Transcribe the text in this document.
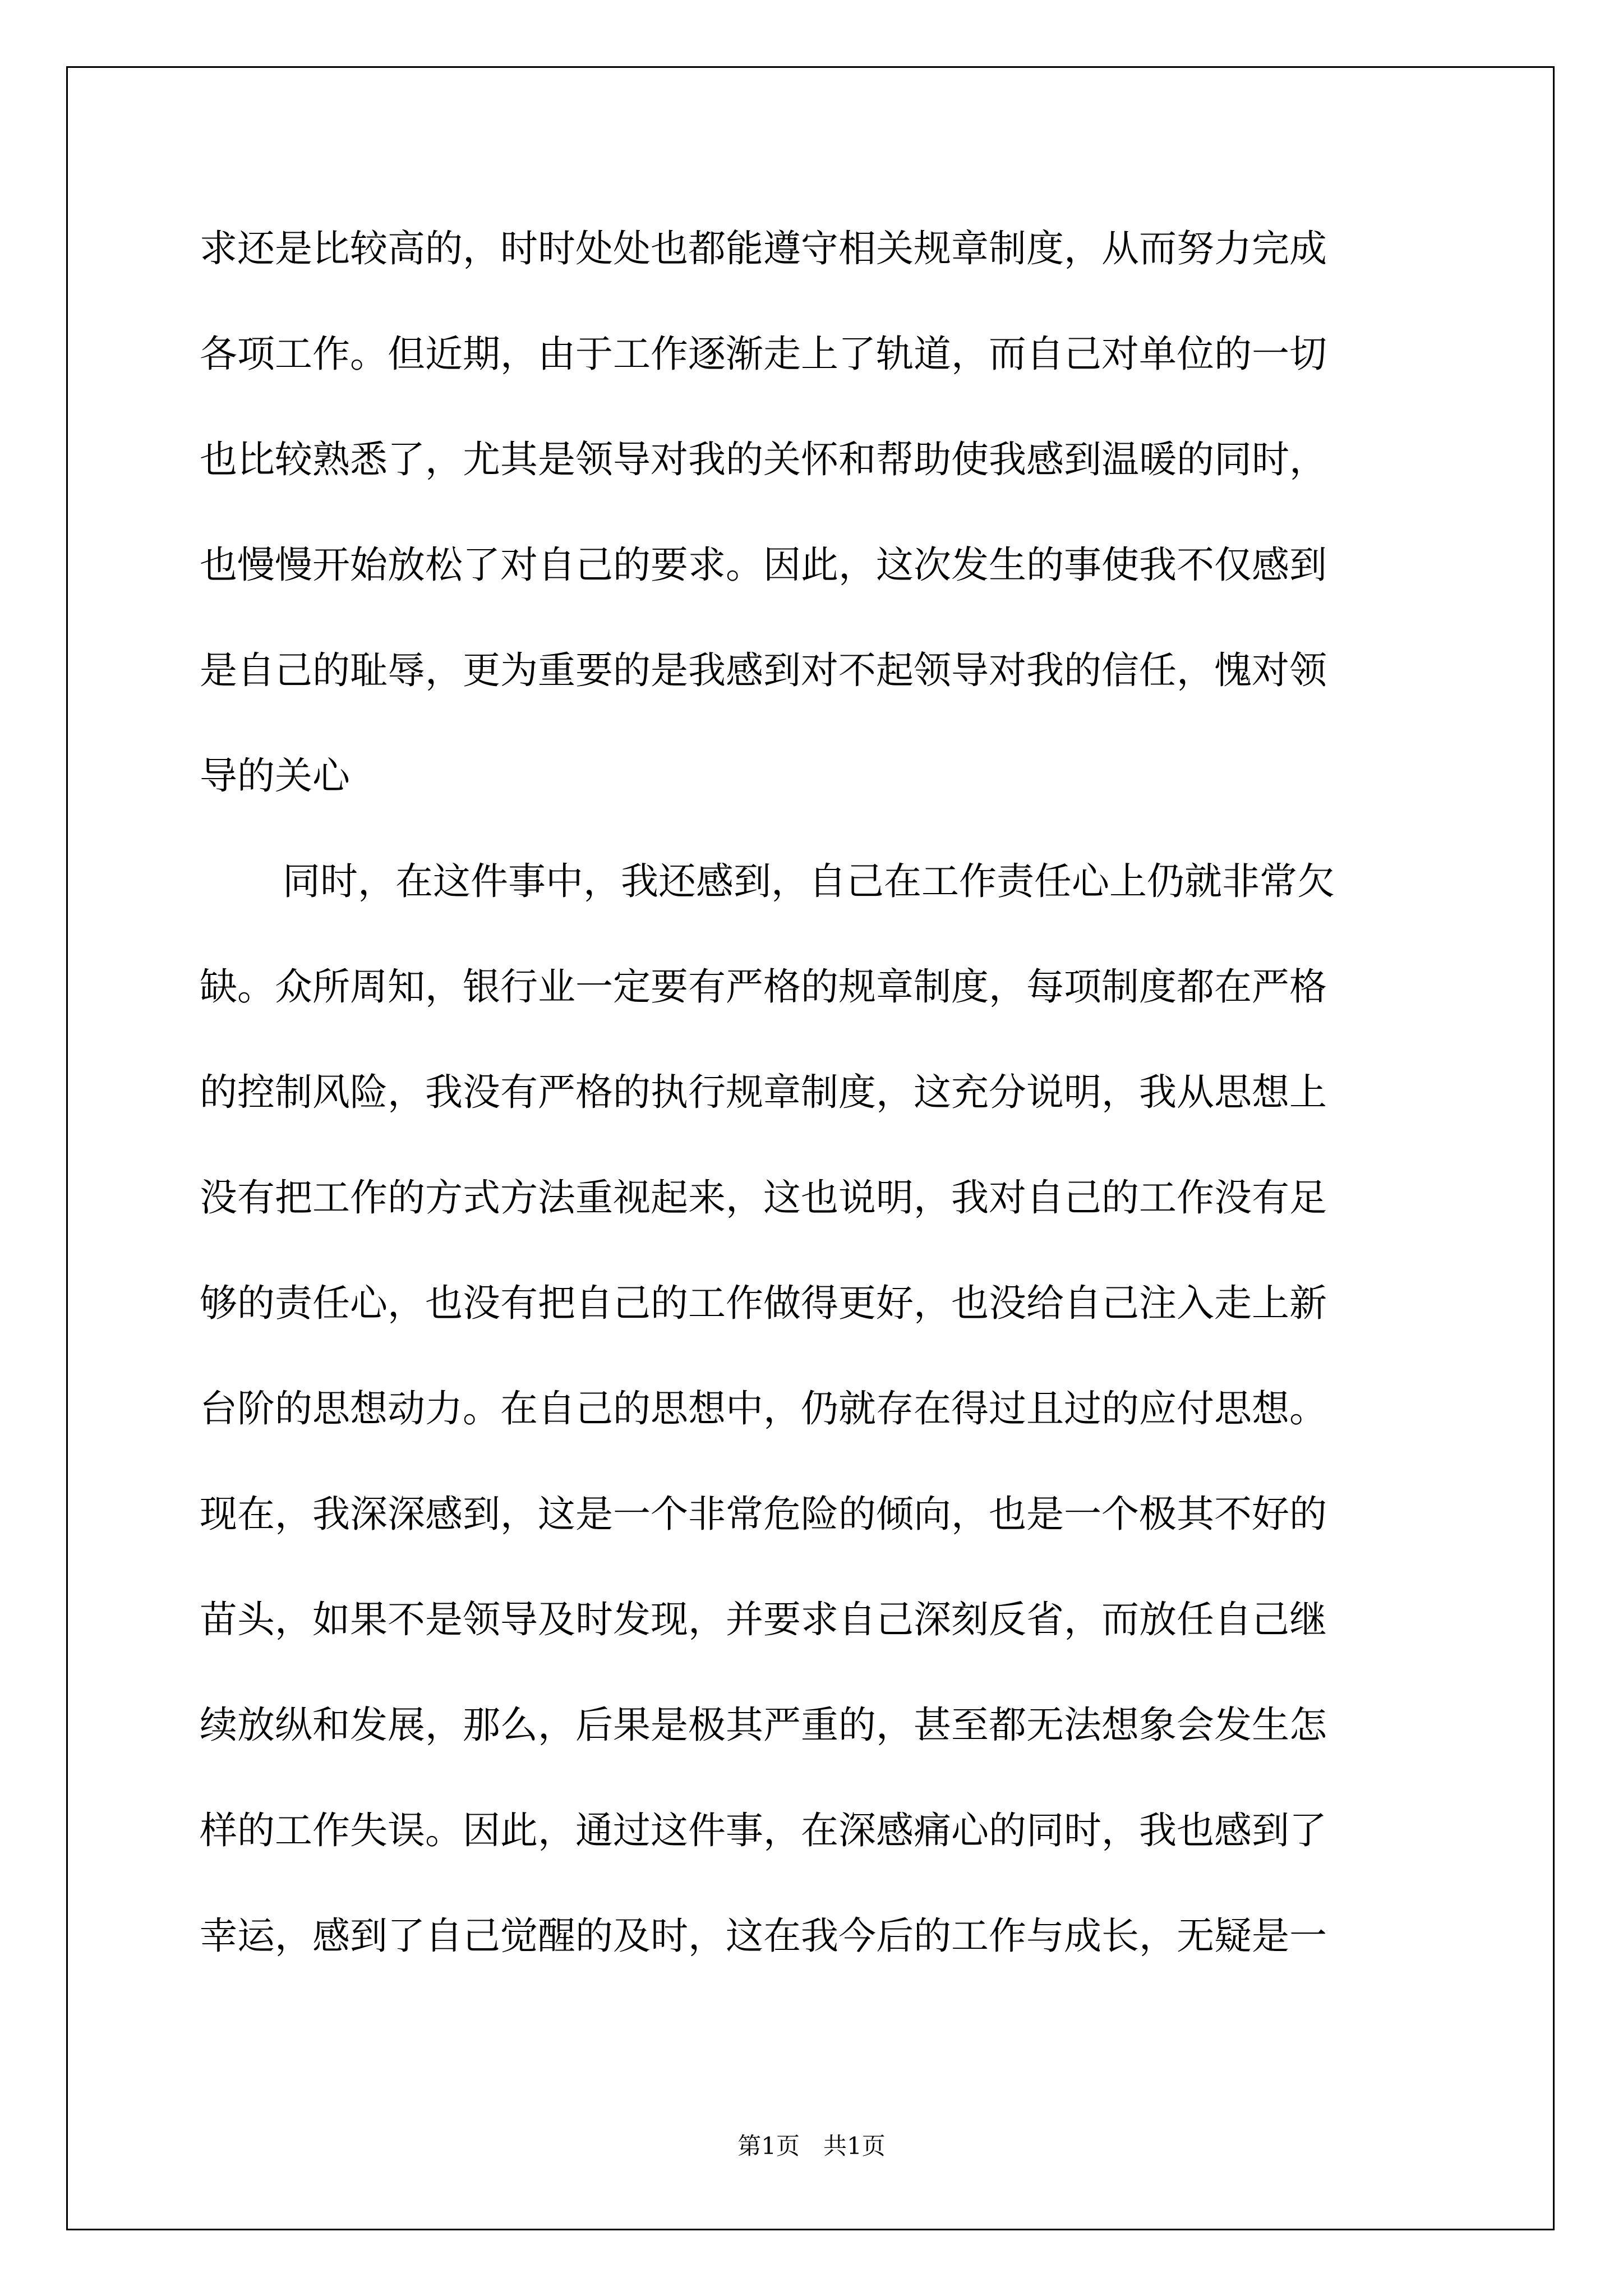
求还是比较高的，时时处处也都能遵守相关规章制度，从而努力完成
各项工作。但近期，由于工作逐渐走上了轨道，而自己对单位的一切
也比较熟悉了，尤其是领导对我的关怀和帮助使我感到温暖的同时，
也慢慢开始放松了对自己的要求。因此，这次发生的事使我不仅感到
是自己的耻辱，更为重要的是我感到对不起领导对我的信任，愧对领
导的关心
同时，在这件事中，我还感到，自己在工作责任心上仍就非常欠
缺。众所周知，银行业一定要有严格的规章制度，每项制度都在严格
的控制风险，我没有严格的执行规章制度，这充分说明，我从思想上
没有把工作的方式方法重视起来，这也说明，我对自己的工作没有足
够的责任心，也没有把自己的工作做得更好，也没给自己注入走上新
台阶的思想动力。在自己的思想中，仍就存在得过且过的应付思想。
现在，我深深感到，这是一个非常危险的倾向，也是一个极其不好的
苗头，如果不是领导及时发现，并要求自己深刻反省，而放任自己继
续放纵和发展，那么，后果是极其严重的，甚至都无法想象会发生怎
样的工作失误。因此，通过这件事，在深感痛心的同时，我也感到了
幸运，感到了自己觉醒的及时，这在我今后的工作与成长，无疑是一
第1页　共1页
